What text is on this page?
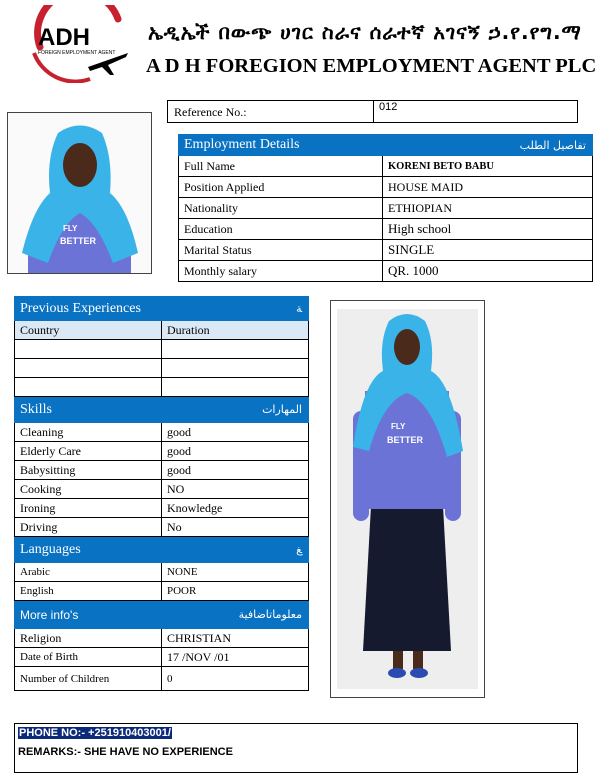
ADH
FOREIGN EMPLOYMENT AGENT
ኤዲኤች በውጭ ሀገር ስራና ሰራተኛ አገናኝ ኃ.የ.የግ.ማ
A D H FOREGION EMPLOYMENT AGENT PLC
Reference No.:	012
FLY
BETTER
Employment Details	تفاصيل الطلب
Full Name	KORENI BETO BABU
Position Applied	HOUSE MAID
Nationality	ETHIOPIAN
Education	High school
Marital Status	SINGLE
Monthly salary	QR. 1000
Previous Experiences	ﺔ
Country	Duration

Skills	المهارات
Cleaning	good
Elderly Care	good
Babysitting	good
Cooking	NO
Ironing	Knowledge
Driving	No
Languages	ﻎ
Arabic	NONE
English	POOR
More info's	معلوماتاضافية
Religion	CHRISTIAN
Date of Birth	17 /NOV /01
Number of Children	0
FLY
BETTER
PHONE NO:- +251910403001/
REMARKS:- SHE HAVE NO EXPERIENCE
